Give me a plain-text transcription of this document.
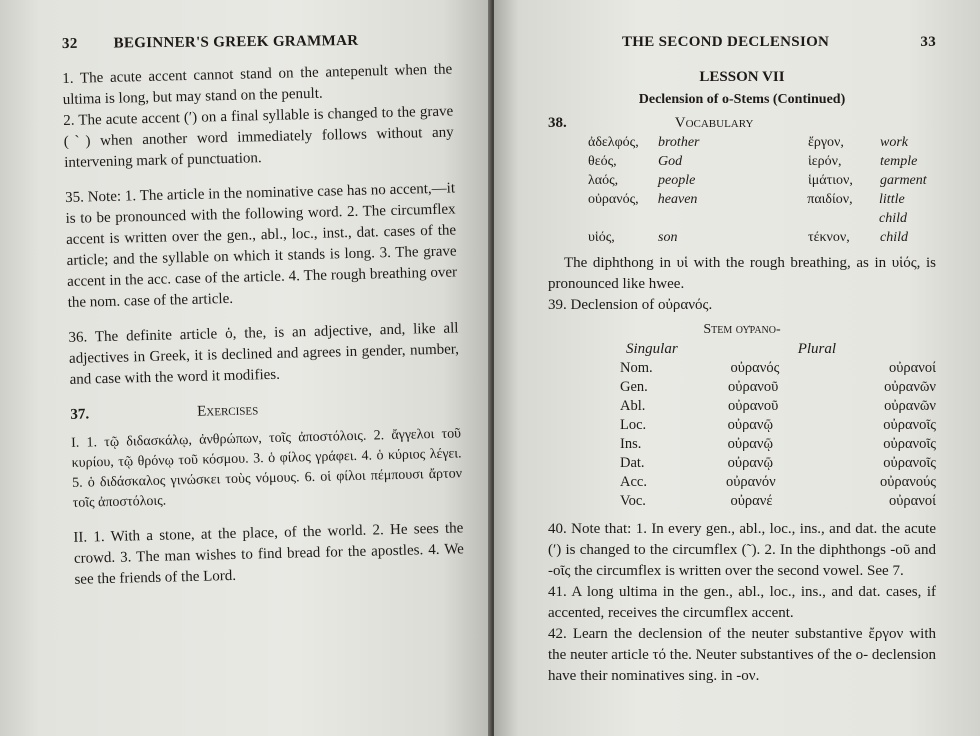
32 BEGINNER'S GREEK GRAMMAR

1. The acute accent cannot stand on the antepenult when the ultima is long, but may stand on the penult.

2. The acute accent (ʹ) on a final syllable is changed to the grave (ˋ) when another word immediately follows without any intervening mark of punctuation.

35. Note: 1. The article in the nominative case has no accent,—it is to be pronounced with the following word. 2. The circumflex accent is written over the gen., abl., loc., inst., dat. cases of the article; and the syllable on which it stands is long. 3. The grave accent in the acc. case of the article. 4. The rough breathing over the nom. case of the article.

36. The definite article ὁ, the, is an adjective, and, like all adjectives in Greek, it is declined and agrees in gender, number, and case with the word it modifies.

37.	Exercises

I. 1. τῷ διδασκάλῳ, ἀνθρώπων, τοῖς ἀποστόλοις. 2. ἄγγελοι τοῦ κυρίου, τῷ θρόνῳ τοῦ κόσμου. 3. ὁ φίλος γράφει. 4. ὁ κύριος λέγει. 5. ὁ διδάσκαλος γινώσκει τοὺς νόμους. 6. οἱ φίλοι πέμπουσι ἄρτον τοῖς ἀποστόλοις.

II. 1. With a stone, at the place, of the world. 2. He sees the crowd. 3. The man wishes to find bread for the apostles. 4. We see the friends of the Lord.

THE SECOND DECLENSION	33
LESSON VII
Declension of o-Stems (Continued)
38.	Vocabulary
ἀδελφός,	brother	ἔργον,	work
θεός,	God	ἱερόν,	temple
λαός,	people	ἱμάτιον,	garment
οὐρανός,	heaven	παιδίον,	little child
υἱός,	son	τέκνον,	child

The diphthong in υἱ with the rough breathing, as in υἱός, is pronounced like hwee.

39. Declension of οὐρανός.

Stem οὐρανο-
Singular	Plural
Nom.	οὐρανός	οὐρανοί
Gen.	οὐρανοῦ	οὐρανῶν
Abl.	οὐρανοῦ	οὐρανῶν
Loc.	οὐρανῷ	οὐρανοῖς
Ins.	οὐρανῷ	οὐρανοῖς
Dat.	οὐρανῷ	οὐρανοῖς
Acc.	οὐρανόν	οὐρανούς
Voc.	οὐρανέ	οὐρανοί

40. Note that: 1. In every gen., abl., loc., ins., and dat. the acute (ʹ) is changed to the circumflex (˜). 2. In the diphthongs -οῦ and -οῖς the circumflex is written over the second vowel. See 7.

41. A long ultima in the gen., abl., loc., ins., and dat. cases, if accented, receives the circumflex accent.

42. Learn the declension of the neuter substantive ἔργον with the neuter article τό the. Neuter substantives of the o- declension have their nominatives sing. in -ον.
